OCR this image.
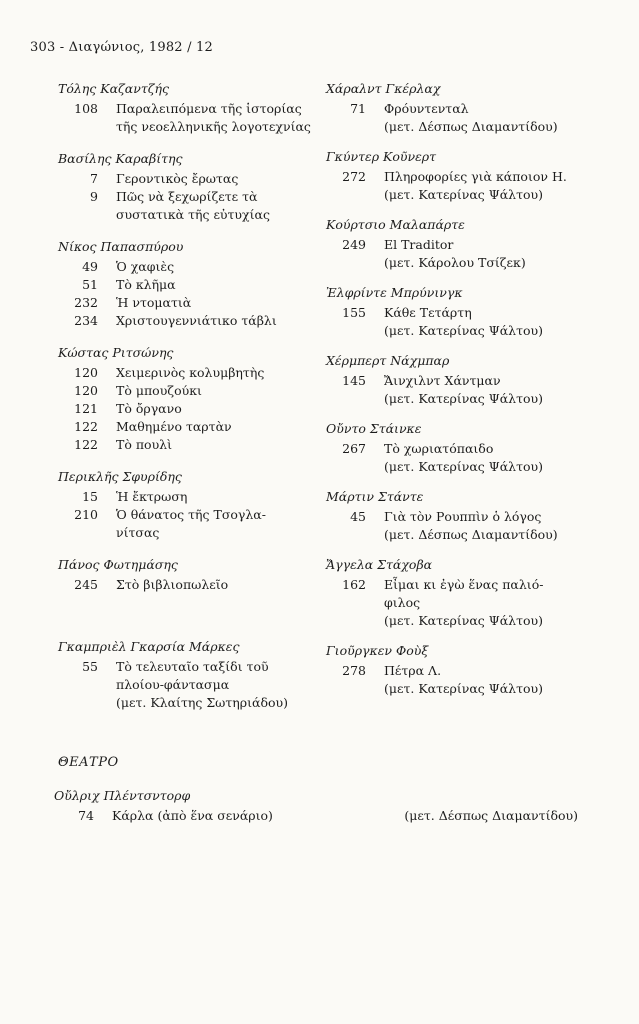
303 - Διαγώνιος, 1982 / 12
Τόλης Καζαντζής
108 Παραλειπόμενα τῆς ἱστορίας
τῆς νεοελληνικῆς λογοτεχνίας
Βασίλης Καραβίτης
7 Γεροντικὸς ἔρωτας
9 Πῶς νὰ ξεχωρίζετε τὰ
συστατικὰ τῆς εὐτυχίας
Νίκος Παπασπύρου
49 Ὁ χαφιὲς
51 Τὸ κλῆμα
232 Ἡ ντοματιὰ
234 Χριστουγεννιάτικο τάβλι
Κώστας Ριτσώνης
120 Χειμερινὸς κολυμβητὴς
120 Τὸ μπουζούκι
121 Τὸ ὄργανο
122 Μαθημένο ταρτὰν
122 Τὸ πουλὶ
Περικλῆς Σφυρίδης
15 Ἡ ἔκτρωση
210 Ὁ θάνατος τῆς Τσογλα-
νίτσας
Πάνος Φωτημάσης
245 Στὸ βιβλιοπωλεῖο
Γκαμπριὲλ Γκαρσία Μάρκες
55 Τὸ τελευταῖο ταξίδι τοῦ
πλοίου-φάντασμα
(μετ. Κλαίτης Σωτηριάδου)
Χάραλντ Γκέρλαχ
71 Φρόυντενταλ
(μετ. Δέσπως Διαμαντίδου)
Γκύντερ Κοῦνερτ
272 Πληροφορίες γιὰ κάποιον Η.
(μετ. Κατερίνας Ψάλτου)
Κούρτσιο Μαλαπάρτε
249 El Traditor
(μετ. Κάρολου Τσίζεκ)
Ἐλφρίντε Μπρύνινγκ
155 Κάθε Τετάρτη
(μετ. Κατερίνας Ψάλτου)
Χέρμπερτ Νάχμπαρ
145 Ἄινχιλντ Χάντμαν
(μετ. Κατερίνας Ψάλτου)
Οὔντο Στάινκε
267 Τὸ χωριατόπαιδο
(μετ. Κατερίνας Ψάλτου)
Μάρτιν Στάντε
45 Γιὰ τὸν Ρουππὶν ὁ λόγος
(μετ. Δέσπως Διαμαντίδου)
Ἄγγελα Στάχοβα
162 Εἶμαι κι ἐγὼ ἕνας παλιό-
φιλος
(μετ. Κατερίνας Ψάλτου)
Γιοῦργκεν Φοὺξ
278 Πέτρα Λ.
(μετ. Κατερίνας Ψάλτου)
ΘΕΑΤΡΟ
Οὔλριχ Πλέντσντορφ
74 Κάρλα (ἀπὸ ἕνα σενάριο)	(μετ. Δέσπως Διαμαντίδου)
